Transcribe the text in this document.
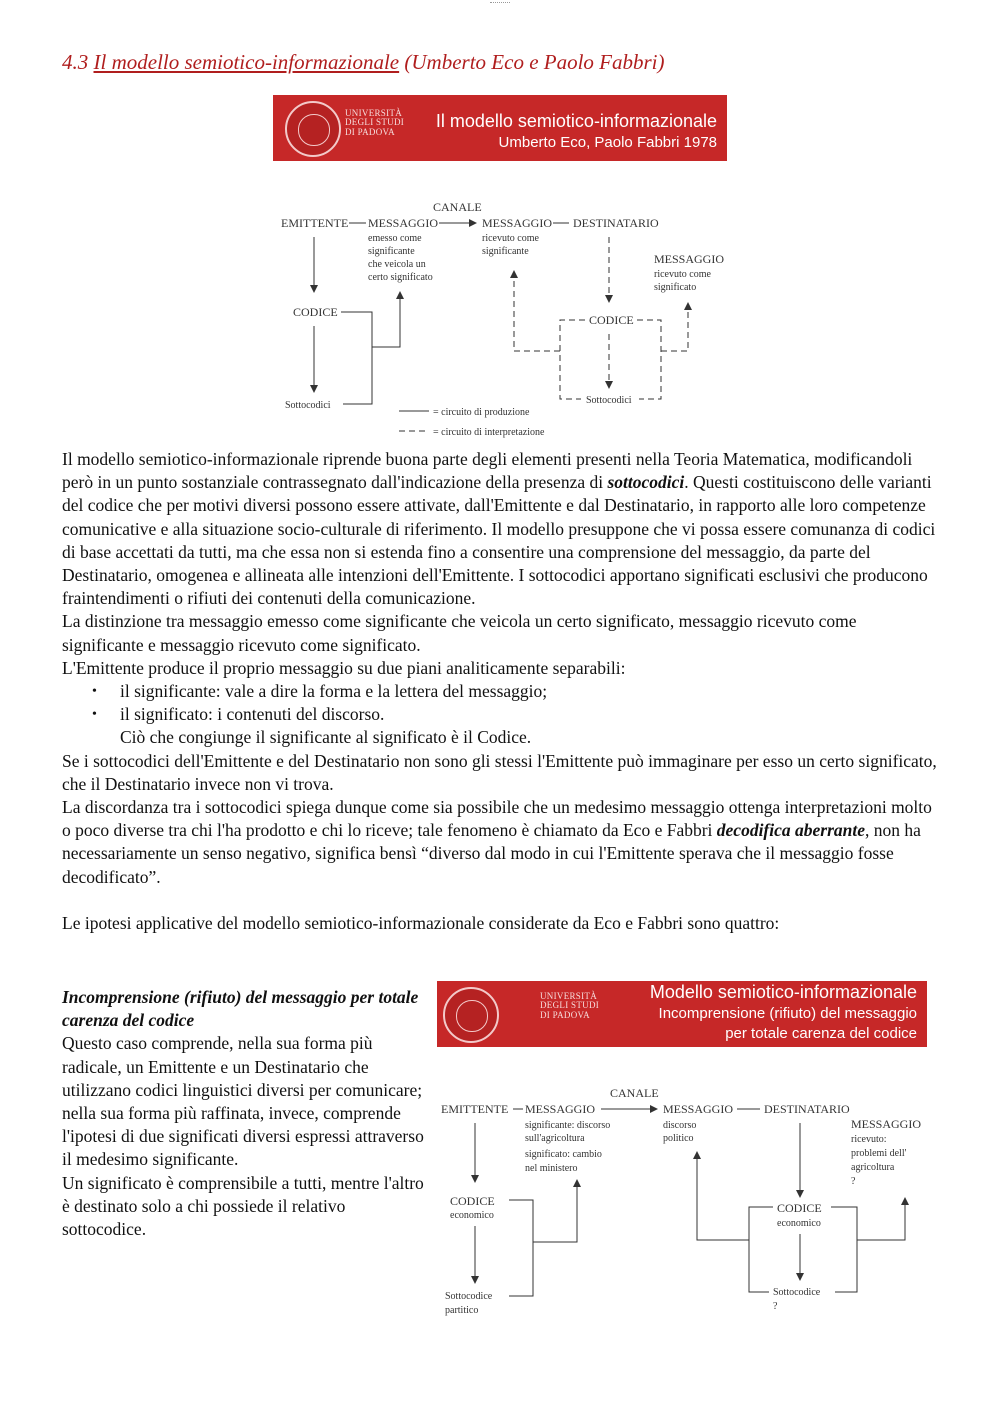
4.3 Il modello semiotico-informazionale (Umberto Eco e Paolo Fabbri)
UNIVERSITÀ
DEGLI STUDI
DI PADOVA
Il modello semiotico-informazionale
Umberto Eco, Paolo Fabbri 1978
CANALE
EMITTENTE MESSAGGIO
emesso come
significante
che veicola un
certo significato
MESSAGGIO
ricevuto come
significante
DESTINATARIO
MESSAGGIO
ricevuto come
significato
CODICE
Sottocodici
CODICE
Sottocodici
= circuito di produzione
= circuito di interpretazione

Il modello semiotico-informazionale riprende buona parte degli elementi presenti nella Teoria Matematica, modificandoli però in un punto sostanziale contrassegnato dall'indicazione della presenza di sottocodici. Questi costituiscono delle varianti del codice che per motivi diversi possono essere attivate, dall'Emittente e dal Destinatario, in rapporto alle loro competenze comunicative e alla situazione socio-culturale di riferimento. Il modello presuppone che vi possa essere comunanza di codici di base accettati da tutti, ma che essa non si estenda fino a consentire una comprensione del messaggio, da parte del Destinatario, omogenea e allineata alle intenzioni dell'Emittente. I sottocodici apportano significati esclusivi che producono fraintendimenti o rifiuti dei contenuti della comunicazione.

La distinzione tra messaggio emesso come significante che veicola un certo significato, messaggio ricevuto come significante e messaggio ricevuto come significato.

L'Emittente produce il proprio messaggio su due piani analiticamente separabili:

• il significante: vale a dire la forma e la lettera del messaggio;
• il significato: i contenuti del discorso.

Ciò che congiunge il significante al significato è il Codice.

Se i sottocodici dell'Emittente e del Destinatario non sono gli stessi l'Emittente può immaginare per esso un certo significato, che il Destinatario invece non vi trova.

La discordanza tra i sottocodici spiega dunque come sia possibile che un medesimo messaggio ottenga interpretazioni molto o poco diverse tra chi l'ha prodotto e chi lo riceve; tale fenomeno è chiamato da Eco e Fabbri decodifica aberrante, non ha necessariamente un senso negativo, significa bensì “diverso dal modo in cui l'Emittente sperava che il messaggio fosse decodificato”.

Le ipotesi applicative del modello semiotico-informazionale considerate da Eco e Fabbri sono quattro:

Incomprensione (rifiuto) del messaggio per totale carenza del codice

Questo caso comprende, nella sua forma più radicale, un Emittente e un Destinatario che utilizzano codici linguistici diversi per comunicare; nella sua forma più raffinata, invece, comprende l'ipotesi di due significati diversi espressi attraverso il medesimo significante.

Un significato è comprensibile a tutti, mentre l'altro è destinato solo a chi possiede il relativo sottocodice.

UNIVERSITÀ
DEGLI STUDI
DI PADOVA
Modello semiotico-informazionale
Incomprensione (rifiuto) del messaggio
per totale carenza del codice
CANALE
EMITTENTE MESSAGGIO
significante: discorso
sull'agricoltura
significato: cambio
nel ministero
MESSAGGIO
discorso
politico
DESTINATARIO
MESSAGGIO
ricevuto:
problemi dell'
agricoltura
?
CODICE
economico
Sottocodice
partitico
CODICE
economico
Sottocodice
?
